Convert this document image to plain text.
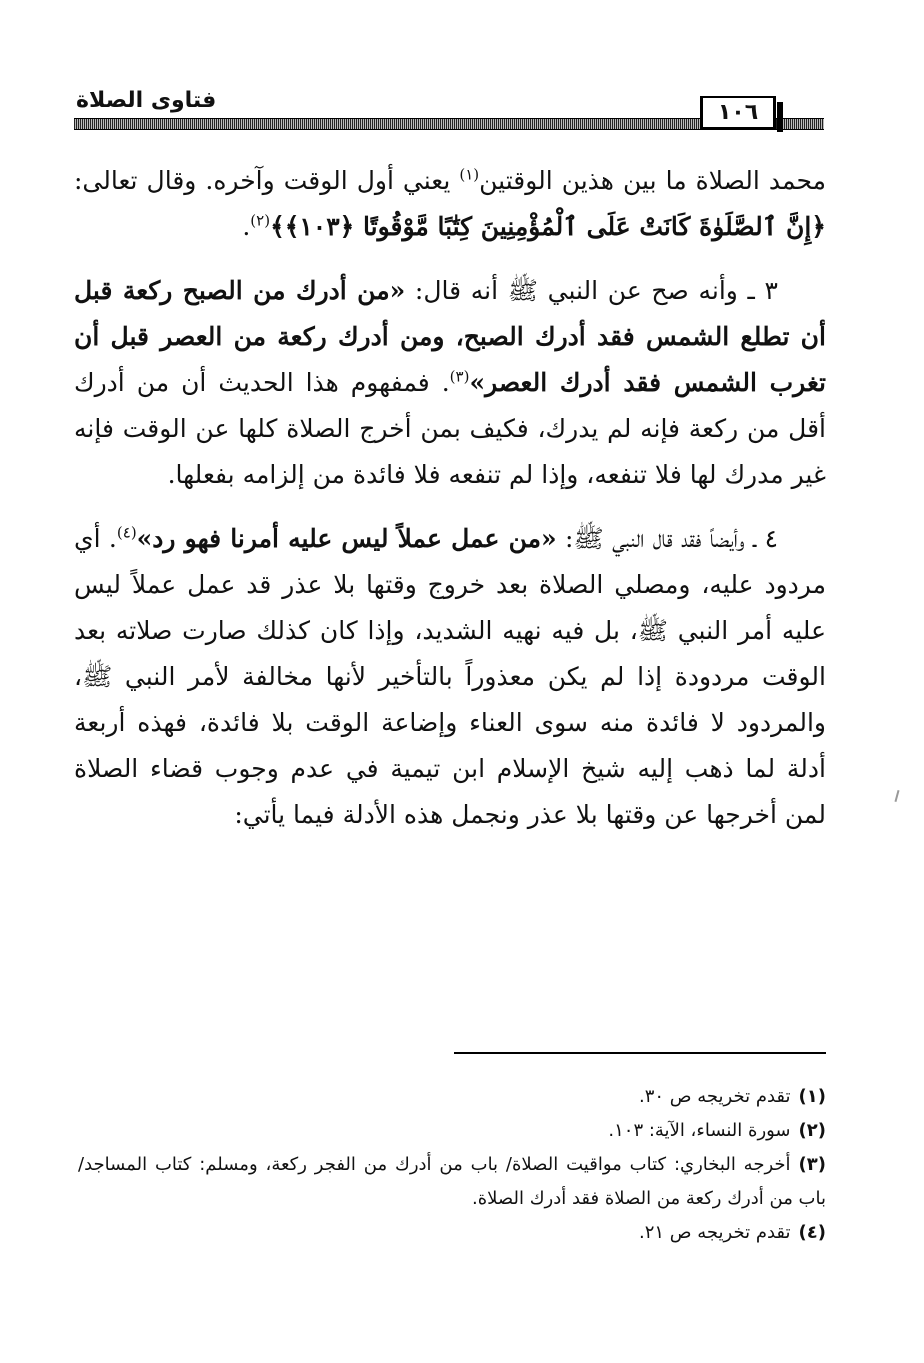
فتاوى الصلاة	١٠٦

محمد الصلاة ما بين هذين الوقتين$^{(١)}$ يعني أول الوقت وآخره. وقال تعالى: ﴿إِنَّ ٱلصَّلَوٰةَ كَانَتْ عَلَى ٱلْمُؤْمِنِينَ كِتَٰبًا مَّوْقُوتًا ﴿١٠٣﴾﴾$^{(٢)}$.

٣ ـ وأنه صح عن النبي ﷺ أنه قال: «من أدرك من الصبح ركعة قبل أن تطلع الشمس فقد أدرك الصبح، ومن أدرك ركعة من العصر قبل أن تغرب الشمس فقد أدرك العصر»$^{(٣)}$. فمفهوم هذا الحديث أن من أدرك أقل من ركعة فإنه لم يدرك، فكيف بمن أخرج الصلاة كلها عن الوقت فإنه غير مدرك لها فلا تنفعه، وإذا لم تنفعه فلا فائدة من إلزامه بفعلها.

٤ ـ وأيضاً فقد قال النبي ﷺ: «من عمل عملاً ليس عليه أمرنا فهو رد»$^{(٤)}$. أي مردود عليه، ومصلي الصلاة بعد خروج وقتها بلا عذر قد عمل عملاً ليس عليه أمر النبي ﷺ، بل فيه نهيه الشديد، وإذا كان كذلك صارت صلاته بعد الوقت مردودة إذا لم يكن معذوراً بالتأخير لأنها مخالفة لأمر النبي ﷺ، والمردود لا فائدة منه سوى العناء وإضاعة الوقت بلا فائدة، فهذه أربعة أدلة لما ذهب إليه شيخ الإسلام ابن تيمية في عدم وجوب قضاء الصلاة لمن أخرجها عن وقتها بلا عذر ونجمل هذه الأدلة فيما يأتي:

(١)تقدم تخريجه ص ٣٠.

(٢)سورة النساء، الآية: ١٠٣.

(٣)أخرجه البخاري: كتاب مواقيت الصلاة/ باب من أدرك من الفجر ركعة، ومسلم: كتاب المساجد/ باب من أدرك ركعة من الصلاة فقد أدرك الصلاة.

(٤)تقدم تخريجه ص ٢١.
